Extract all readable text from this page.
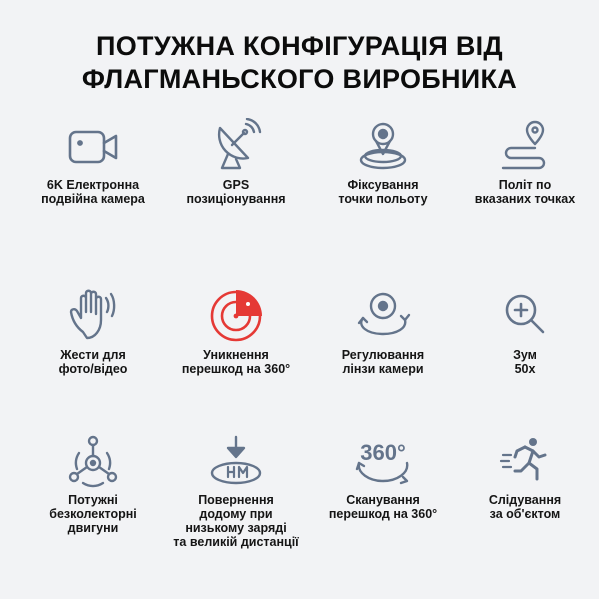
ПОТУЖНА КОНФІГУРАЦІЯ ВІД
ФЛАГМАНЬСКОГО ВИРОБНИКА
6K Електронна
подвійна камера
GPS
позиціонування
Фіксування
точки польоту
Політ по
вказаних точках
Жести для
фото/відео
Уникнення
перешкод на 360°
Регулювання
лінзи камери
Зум
50х
Потужні
безколекторні
двигуни
Повернення
додому при
низькому заряді
та великій дистанції
360°
Сканування
перешкод на 360°
Слідування
за об'єктом
